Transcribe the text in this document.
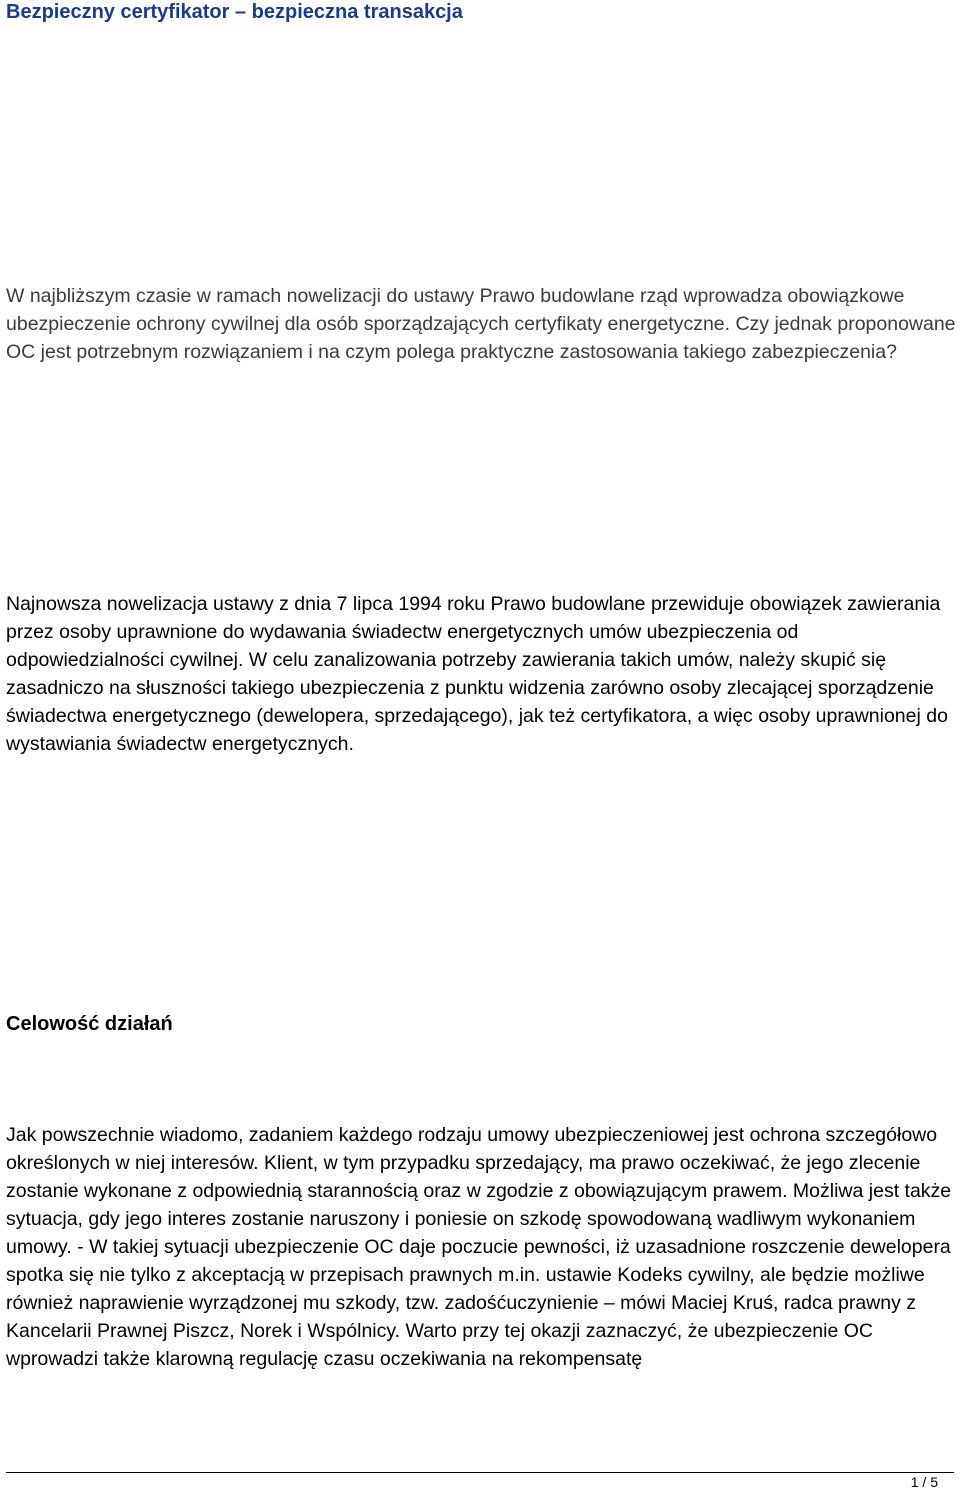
Bezpieczny certyfikator – bezpieczna transakcja

W najbliższym czasie w ramach nowelizacji do ustawy Prawo budowlane rząd wprowadza obowiązkowe ubezpieczenie ochrony cywilnej dla osób sporządzających certyfikaty energetyczne. Czy jednak proponowane OC jest potrzebnym rozwiązaniem i na czym polega praktyczne zastosowania takiego zabezpieczenia?

Najnowsza nowelizacja ustawy z dnia 7 lipca 1994 roku Prawo budowlane przewiduje obowiązek zawierania przez osoby uprawnione do wydawania świadectw energetycznych umów ubezpieczenia od odpowiedzialności cywilnej. W celu zanalizowania potrzeby zawierania takich umów, należy skupić się zasadniczo na słuszności takiego ubezpieczenia z punktu widzenia zarówno osoby zlecającej sporządzenie świadectwa energetycznego (dewelopera, sprzedającego), jak też certyfikatora, a więc osoby uprawnionej do wystawiania świadectw energetycznych.

Celowość działań

Jak powszechnie wiadomo, zadaniem każdego rodzaju umowy ubezpieczeniowej jest ochrona szczegółowo określonych w niej interesów. Klient, w tym przypadku sprzedający, ma prawo oczekiwać, że jego zlecenie zostanie wykonane z odpowiednią starannością oraz w zgodzie z obowiązującym prawem. Możliwa jest także sytuacja, gdy jego interes zostanie naruszony i poniesie on szkodę spowodowaną wadliwym wykonaniem umowy. - W takiej sytuacji ubezpieczenie OC daje poczucie pewności, iż uzasadnione roszczenie dewelopera spotka się nie tylko z akceptacją w przepisach prawnych m.in. ustawie Kodeks cywilny, ale będzie możliwe również naprawienie wyrządzonej mu szkody, tzw. zadośćuczynienie – mówi Maciej Kruś, radca prawny z Kancelarii Prawnej Piszcz, Norek i Wspólnicy. Warto przy tej okazji zaznaczyć, że ubezpieczenie OC wprowadzi także klarowną regulację czasu oczekiwania na rekompensatę

1 / 5
